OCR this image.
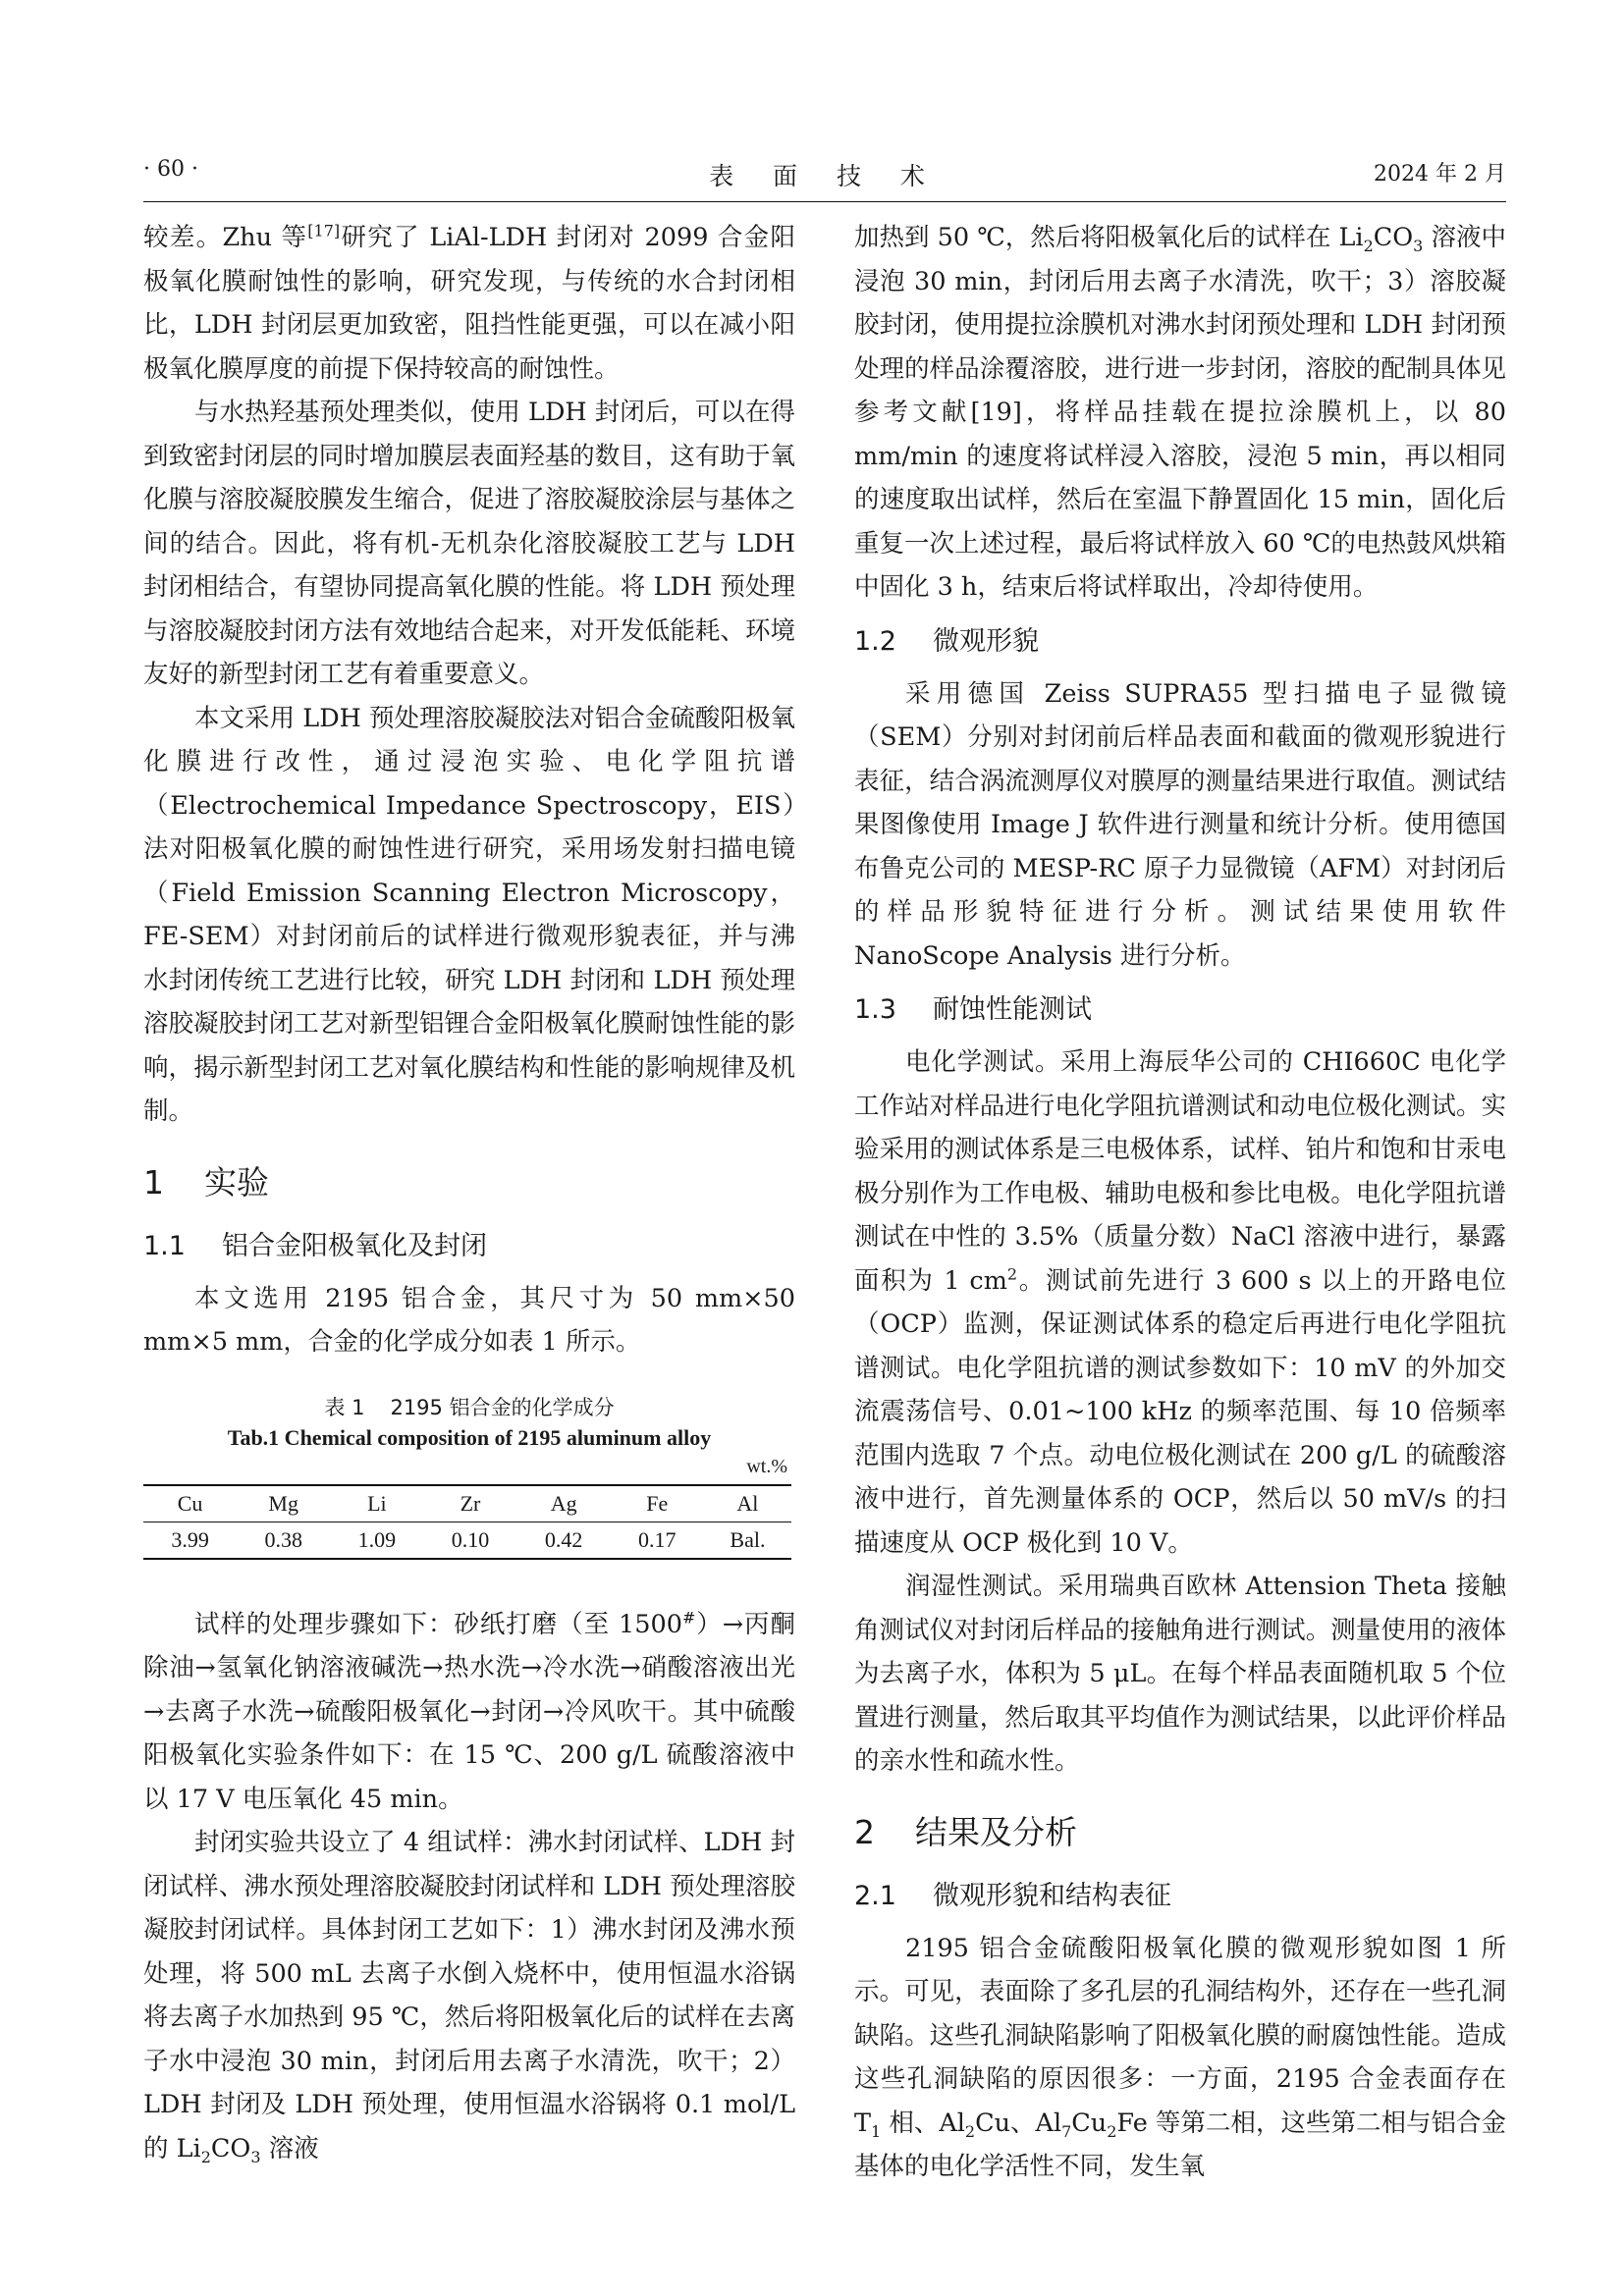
· 60 ·	表 面 技 术	2024 年 2 月

较差。Zhu 等[17]研究了 LiAl-LDH 封闭对 2099 合金阳极氧化膜耐蚀性的影响，研究发现，与传统的水合封闭相比，LDH 封闭层更加致密，阻挡性能更强，可以在减小阳极氧化膜厚度的前提下保持较高的耐蚀性。

与水热羟基预处理类似，使用 LDH 封闭后，可以在得到致密封闭层的同时增加膜层表面羟基的数目，这有助于氧化膜与溶胶凝胶膜发生缩合，促进了溶胶凝胶涂层与基体之间的结合。因此，将有机-无机杂化溶胶凝胶工艺与 LDH 封闭相结合，有望协同提高氧化膜的性能。将 LDH 预处理与溶胶凝胶封闭方法有效地结合起来，对开发低能耗、环境友好的新型封闭工艺有着重要意义。

本文采用 LDH 预处理溶胶凝胶法对铝合金硫酸阳极氧化膜进行改性，通过浸泡实验、电化学阻抗谱（Electrochemical Impedance Spectroscopy，EIS）法对阳极氧化膜的耐蚀性进行研究，采用场发射扫描电镜（Field Emission Scanning Electron Microscopy，FE-SEM）对封闭前后的试样进行微观形貌表征，并与沸水封闭传统工艺进行比较，研究 LDH 封闭和 LDH 预处理溶胶凝胶封闭工艺对新型铝锂合金阳极氧化膜耐蚀性能的影响，揭示新型封闭工艺对氧化膜结构和性能的影响规律及机制。

1 实验
1.1 铝合金阳极氧化及封闭

本文选用 2195 铝合金，其尺寸为 50 mm×50 mm×5 mm，合金的化学成分如表 1 所示。

表 1 2195 铝合金的化学成分
Tab.1 Chemical composition of 2195 aluminum alloy
wt.%
Cu	Mg	Li	Zr	Ag	Fe	Al
3.99	0.38	1.09	0.10	0.42	0.17	Bal.

试样的处理步骤如下：砂纸打磨（至 1500#）→丙酮除油→氢氧化钠溶液碱洗→热水洗→冷水洗→硝酸溶液出光→去离子水洗→硫酸阳极氧化→封闭→冷风吹干。其中硫酸阳极氧化实验条件如下：在 15 ℃、200 g/L 硫酸溶液中以 17 V 电压氧化 45 min。

封闭实验共设立了 4 组试样：沸水封闭试样、LDH 封闭试样、沸水预处理溶胶凝胶封闭试样和 LDH 预处理溶胶凝胶封闭试样。具体封闭工艺如下：1）沸水封闭及沸水预处理，将 500 mL 去离子水倒入烧杯中，使用恒温水浴锅将去离子水加热到 95 ℃，然后将阳极氧化后的试样在去离子水中浸泡 30 min，封闭后用去离子水清洗，吹干；2）LDH 封闭及 LDH 预处理，使用恒温水浴锅将 0.1 mol/L 的 $Li_2CO_3$ 溶液

加热到 50 ℃，然后将阳极氧化后的试样在 $Li_2CO_3$ 溶液中浸泡 30 min，封闭后用去离子水清洗，吹干；3）溶胶凝胶封闭，使用提拉涂膜机对沸水封闭预处理和 LDH 封闭预处理的样品涂覆溶胶，进行进一步封闭，溶胶的配制具体见参考文献[19]，将样品挂载在提拉涂膜机上，以 80 mm/min 的速度将试样浸入溶胶，浸泡 5 min，再以相同的速度取出试样，然后在室温下静置固化 15 min，固化后重复一次上述过程，最后将试样放入 60 ℃的电热鼓风烘箱中固化 3 h，结束后将试样取出，冷却待使用。

1.2 微观形貌

采用德国 Zeiss SUPRA55 型扫描电子显微镜（SEM）分别对封闭前后样品表面和截面的微观形貌进行表征，结合涡流测厚仪对膜厚的测量结果进行取值。测试结果图像使用 Image J 软件进行测量和统计分析。使用德国布鲁克公司的 MESP-RC 原子力显微镜（AFM）对封闭后的样品形貌特征进行分析。测试结果使用软件 NanoScope Analysis 进行分析。

1.3 耐蚀性能测试

电化学测试。采用上海辰华公司的 CHI660C 电化学工作站对样品进行电化学阻抗谱测试和动电位极化测试。实验采用的测试体系是三电极体系，试样、铂片和饱和甘汞电极分别作为工作电极、辅助电极和参比电极。电化学阻抗谱测试在中性的 3.5%（质量分数）NaCl 溶液中进行，暴露面积为 1 $cm^2$。测试前先进行 3 600 s 以上的开路电位（OCP）监测，保证测试体系的稳定后再进行电化学阻抗谱测试。电化学阻抗谱的测试参数如下：10 mV 的外加交流震荡信号、0.01~100 kHz 的频率范围、每 10 倍频率范围内选取 7 个点。动电位极化测试在 200 g/L 的硫酸溶液中进行，首先测量体系的 OCP，然后以 50 mV/s 的扫描速度从 OCP 极化到 10 V。

润湿性测试。采用瑞典百欧林 Attension Theta 接触角测试仪对封闭后样品的接触角进行测试。测量使用的液体为去离子水，体积为 5 μL。在每个样品表面随机取 5 个位置进行测量，然后取其平均值作为测试结果，以此评价样品的亲水性和疏水性。

2 结果及分析
2.1 微观形貌和结构表征

2195 铝合金硫酸阳极氧化膜的微观形貌如图 1 所示。可见，表面除了多孔层的孔洞结构外，还存在一些孔洞缺陷。这些孔洞缺陷影响了阳极氧化膜的耐腐蚀性能。造成这些孔洞缺陷的原因很多：一方面，2195 合金表面存在 $T_1$ 相、$Al_2Cu$、$Al_7Cu_2Fe$ 等第二相，这些第二相与铝合金基体的电化学活性不同，发生氧
